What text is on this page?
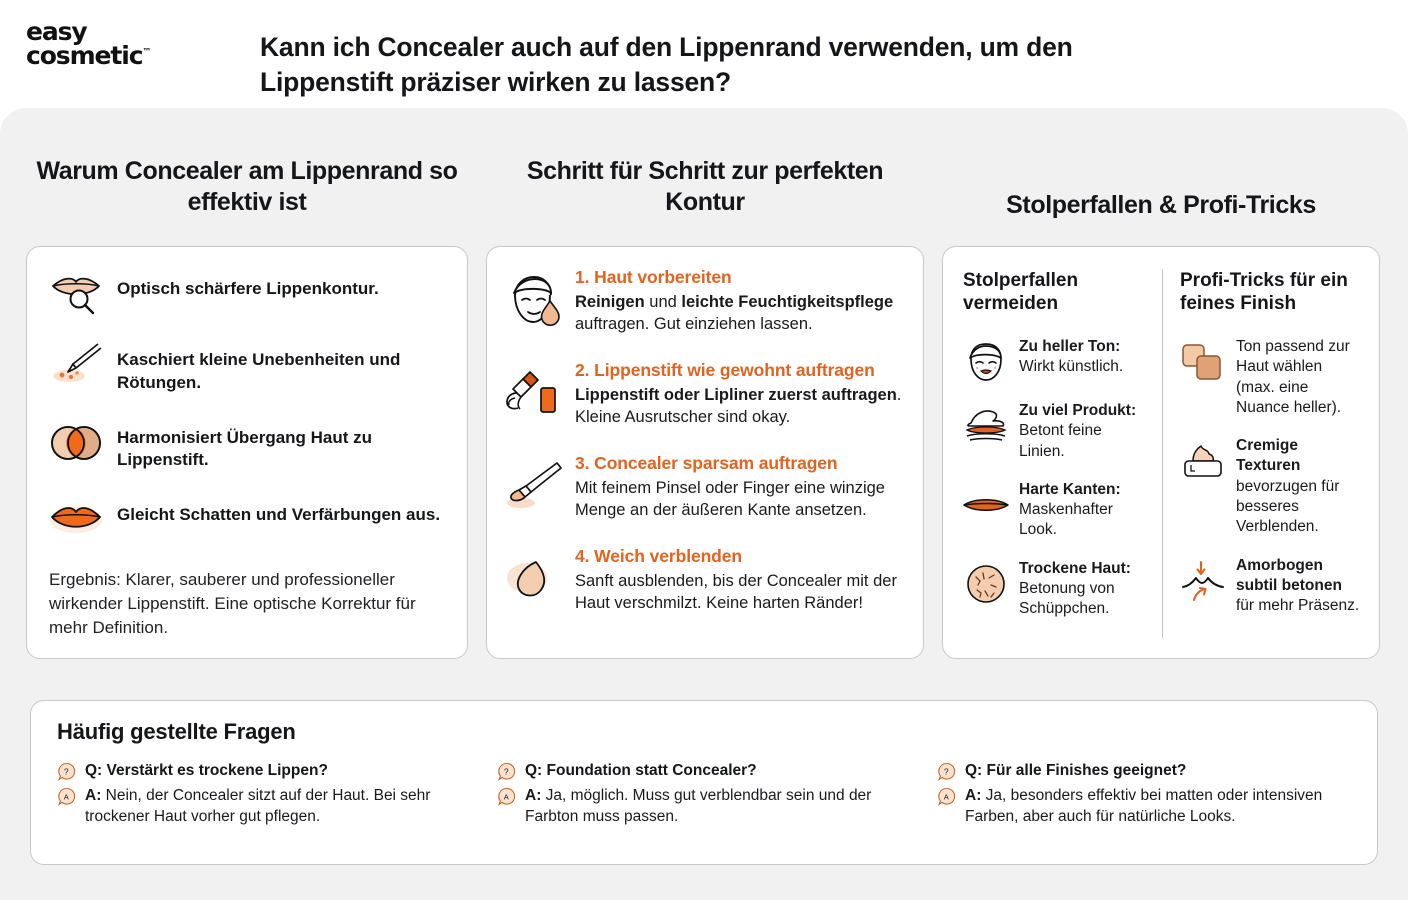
easy
cosmetic™	Kann ich Concealer auch auf den Lippenrand verwenden, um den Lippenstift präziser wirken zu lassen?
Warum Concealer am Lippenrand so effektiv ist
Optisch schärfere Lippenkontur.
Kaschiert kleine Unebenheiten und Rötungen.
Harmonisiert Übergang Haut zu Lippenstift.
Gleicht Schatten und Verfärbungen aus.
Ergebnis: Klarer, sauberer und professioneller wirkender Lippenstift. Eine optische Korrektur für mehr Definition.
Schritt für Schritt zur perfekten Kontur
1. Haut vorbereiten
Reinigen und leichte Feuchtigkeitspflege auftragen. Gut einziehen lassen.
2. Lippenstift wie gewohnt auftragen
Lippenstift oder Lipliner zuerst auftragen. Kleine Ausrutscher sind okay.
3. Concealer sparsam auftragen
Mit feinem Pinsel oder Finger eine winzige Menge an der äußeren Kante ansetzen.
4. Weich verblenden
Sanft ausblenden, bis der Concealer mit der Haut verschmilzt. Keine harten Ränder!
Stolperfallen & Profi-Tricks
Stolperfallen vermeiden
Zu heller Ton: Wirkt künstlich.
Zu viel Produkt: Betont feine Linien.
Harte Kanten: Maskenhafter Look.
Trockene Haut: Betonung von Schüppchen.
Profi-Tricks für ein feines Finish
Ton passend zur Haut wählen (max. eine Nuance heller).
Cremige Texturen bevorzugen für besseres Verblenden.
Amorbogen subtil betonen für mehr Präsenz.
Häufig gestellte Fragen
? Q: Verstärkt es trockene Lippen?
A A: Nein, der Concealer sitzt auf der Haut. Bei sehr trockener Haut vorher gut pflegen.
? Q: Foundation statt Concealer?
A A: Ja, möglich. Muss gut verblendbar sein und der Farbton muss passen.
? Q: Für alle Finishes geeignet?
A A: Ja, besonders effektiv bei matten oder intensiven Farben, aber auch für natürliche Looks.
